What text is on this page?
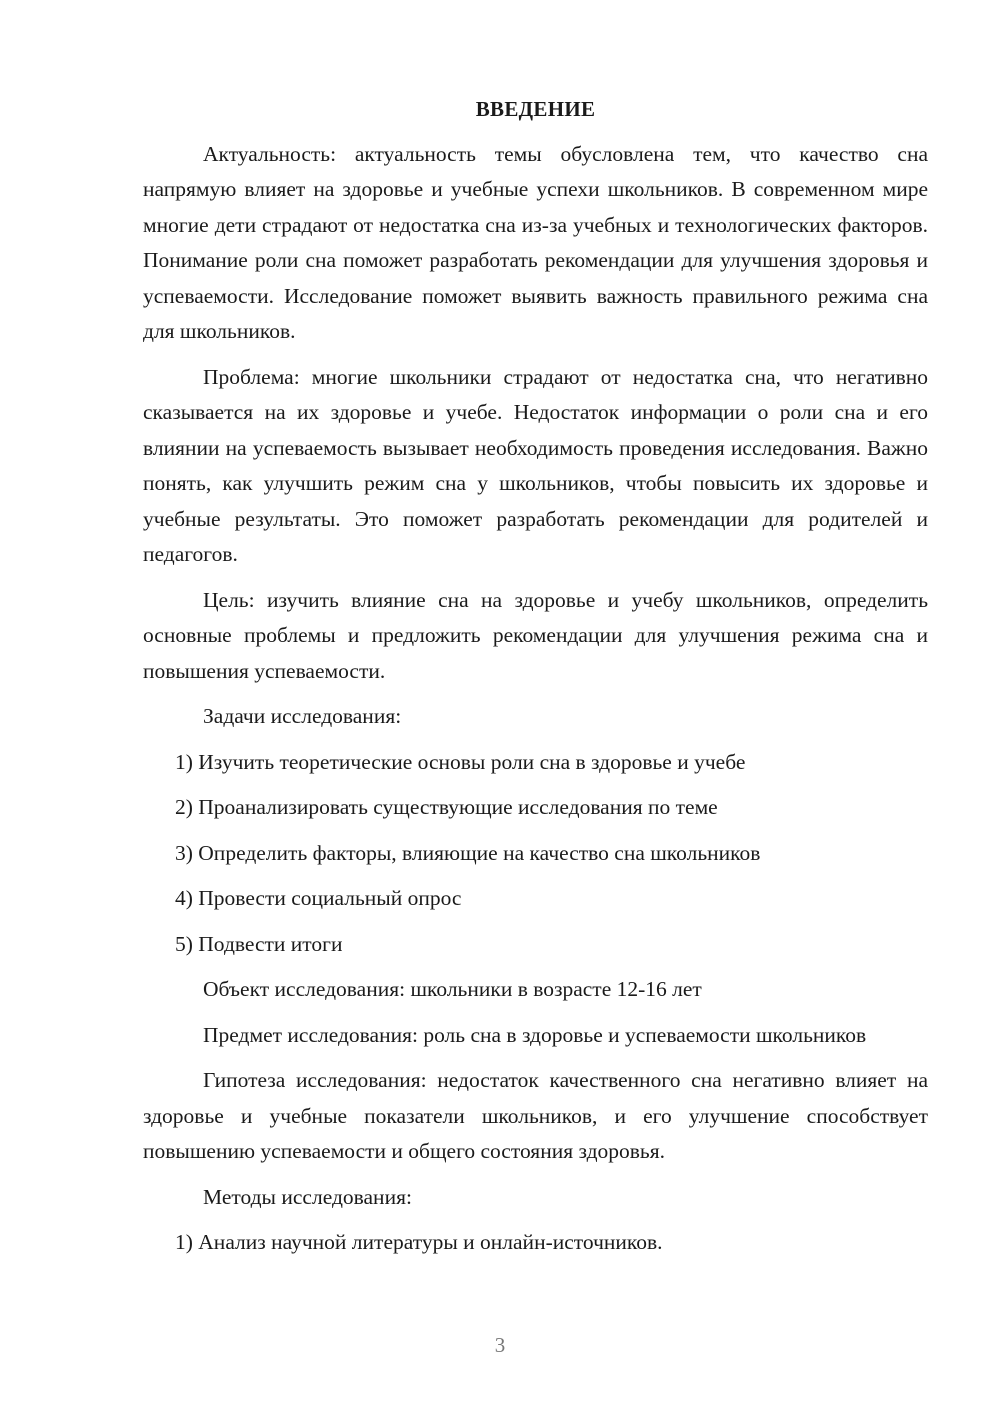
ВВЕДЕНИЕ

Актуальность: актуальность темы обусловлена тем, что качество сна напрямую влияет на здоровье и учебные успехи школьников. В современном мире многие дети страдают от недостатка сна из-за учебных и технологических факторов. Понимание роли сна поможет разработать рекомендации для улучшения здоровья и успеваемости. Исследование поможет выявить важность правильного режима сна для школьников.

Проблема: многие школьники страдают от недостатка сна, что негативно сказывается на их здоровье и учебе. Недостаток информации о роли сна и его влиянии на успеваемость вызывает необходимость проведения исследования. Важно понять, как улучшить режим сна у школьников, чтобы повысить их здоровье и учебные результаты. Это поможет разработать рекомендации для родителей и педагогов.

Цель: изучить влияние сна на здоровье и учебу школьников, определить основные проблемы и предложить рекомендации для улучшения режима сна и повышения успеваемости.

Задачи исследования:

1) Изучить теоретические основы роли сна в здоровье и учебе

2) Проанализировать существующие исследования по теме

3) Определить факторы, влияющие на качество сна школьников

4) Провести социальный опрос

5) Подвести итоги

Объект исследования: школьники в возрасте 12-16 лет

Предмет исследования: роль сна в здоровье и успеваемости школьников

Гипотеза исследования: недостаток качественного сна негативно влияет на здоровье и учебные показатели школьников, и его улучшение способствует повышению успеваемости и общего состояния здоровья.

Методы исследования:

1) Анализ научной литературы и онлайн-источников.

3
